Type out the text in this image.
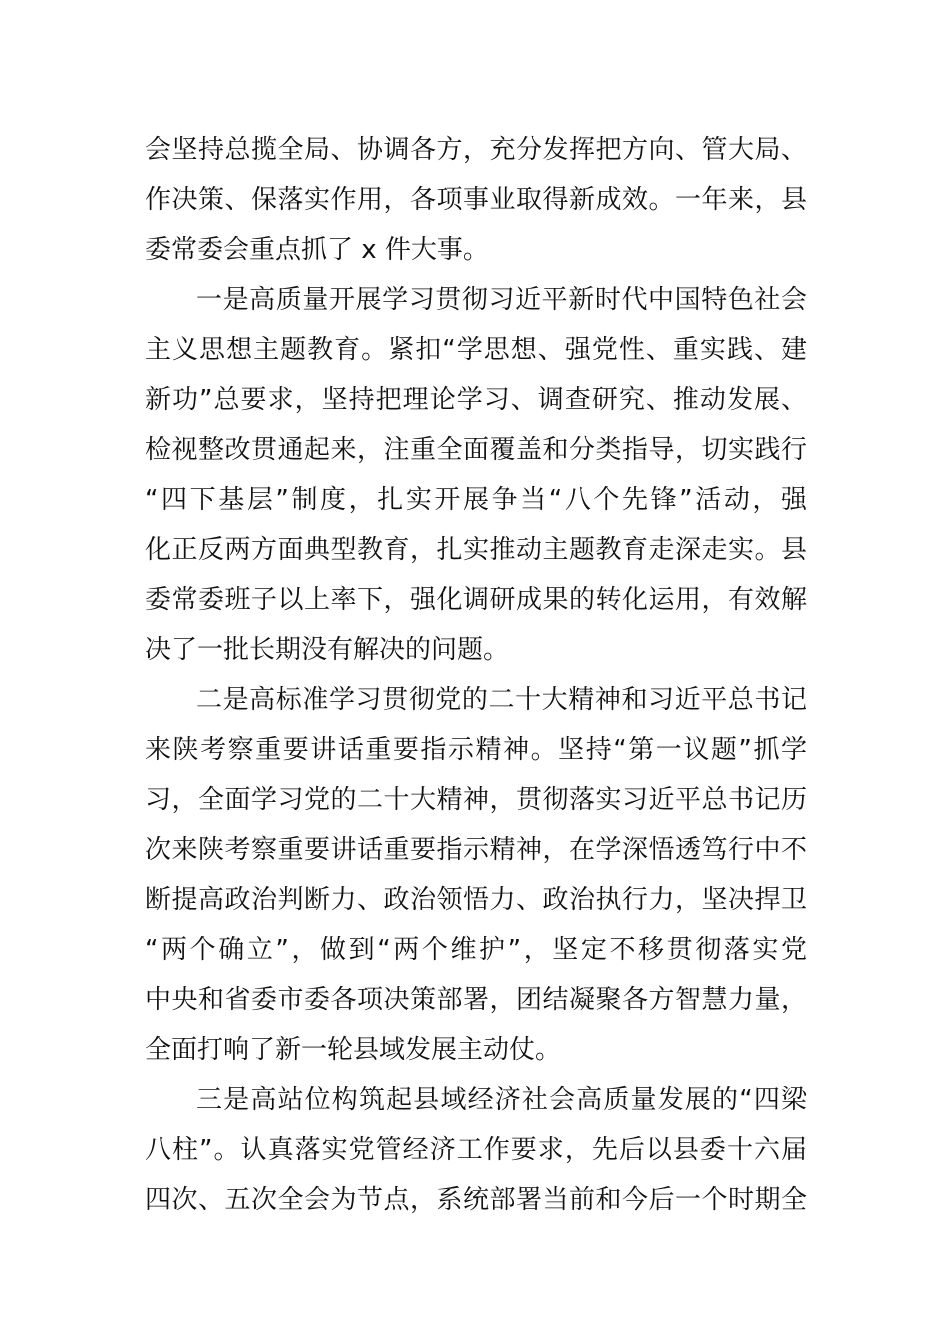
会坚持总揽全局、协调各方，充分发挥把方向、管大局、
作决策、保落实作用，各项事业取得新成效。一年来，县
委常委会重点抓了 x 件大事。
一是高质量开展学习贯彻习近平新时代中国特色社会
主义思想主题教育。紧扣“学思想、强党性、重实践、建
新功”总要求，坚持把理论学习、调查研究、推动发展、
检视整改贯通起来，注重全面覆盖和分类指导，切实践行
“四下基层”制度，扎实开展争当“八个先锋”活动，强
化正反两方面典型教育，扎实推动主题教育走深走实。县
委常委班子以上率下，强化调研成果的转化运用，有效解
决了一批长期没有解决的问题。
二是高标准学习贯彻党的二十大精神和习近平总书记
来陕考察重要讲话重要指示精神。坚持“第一议题”抓学
习，全面学习党的二十大精神，贯彻落实习近平总书记历
次来陕考察重要讲话重要指示精神，在学深悟透笃行中不
断提高政治判断力、政治领悟力、政治执行力，坚决捍卫
“两个确立”，做到“两个维护”，坚定不移贯彻落实党
中央和省委市委各项决策部署，团结凝聚各方智慧力量，
全面打响了新一轮县域发展主动仗。
三是高站位构筑起县域经济社会高质量发展的“四梁
八柱”。认真落实党管经济工作要求，先后以县委十六届
四次、五次全会为节点，系统部署当前和今后一个时期全
